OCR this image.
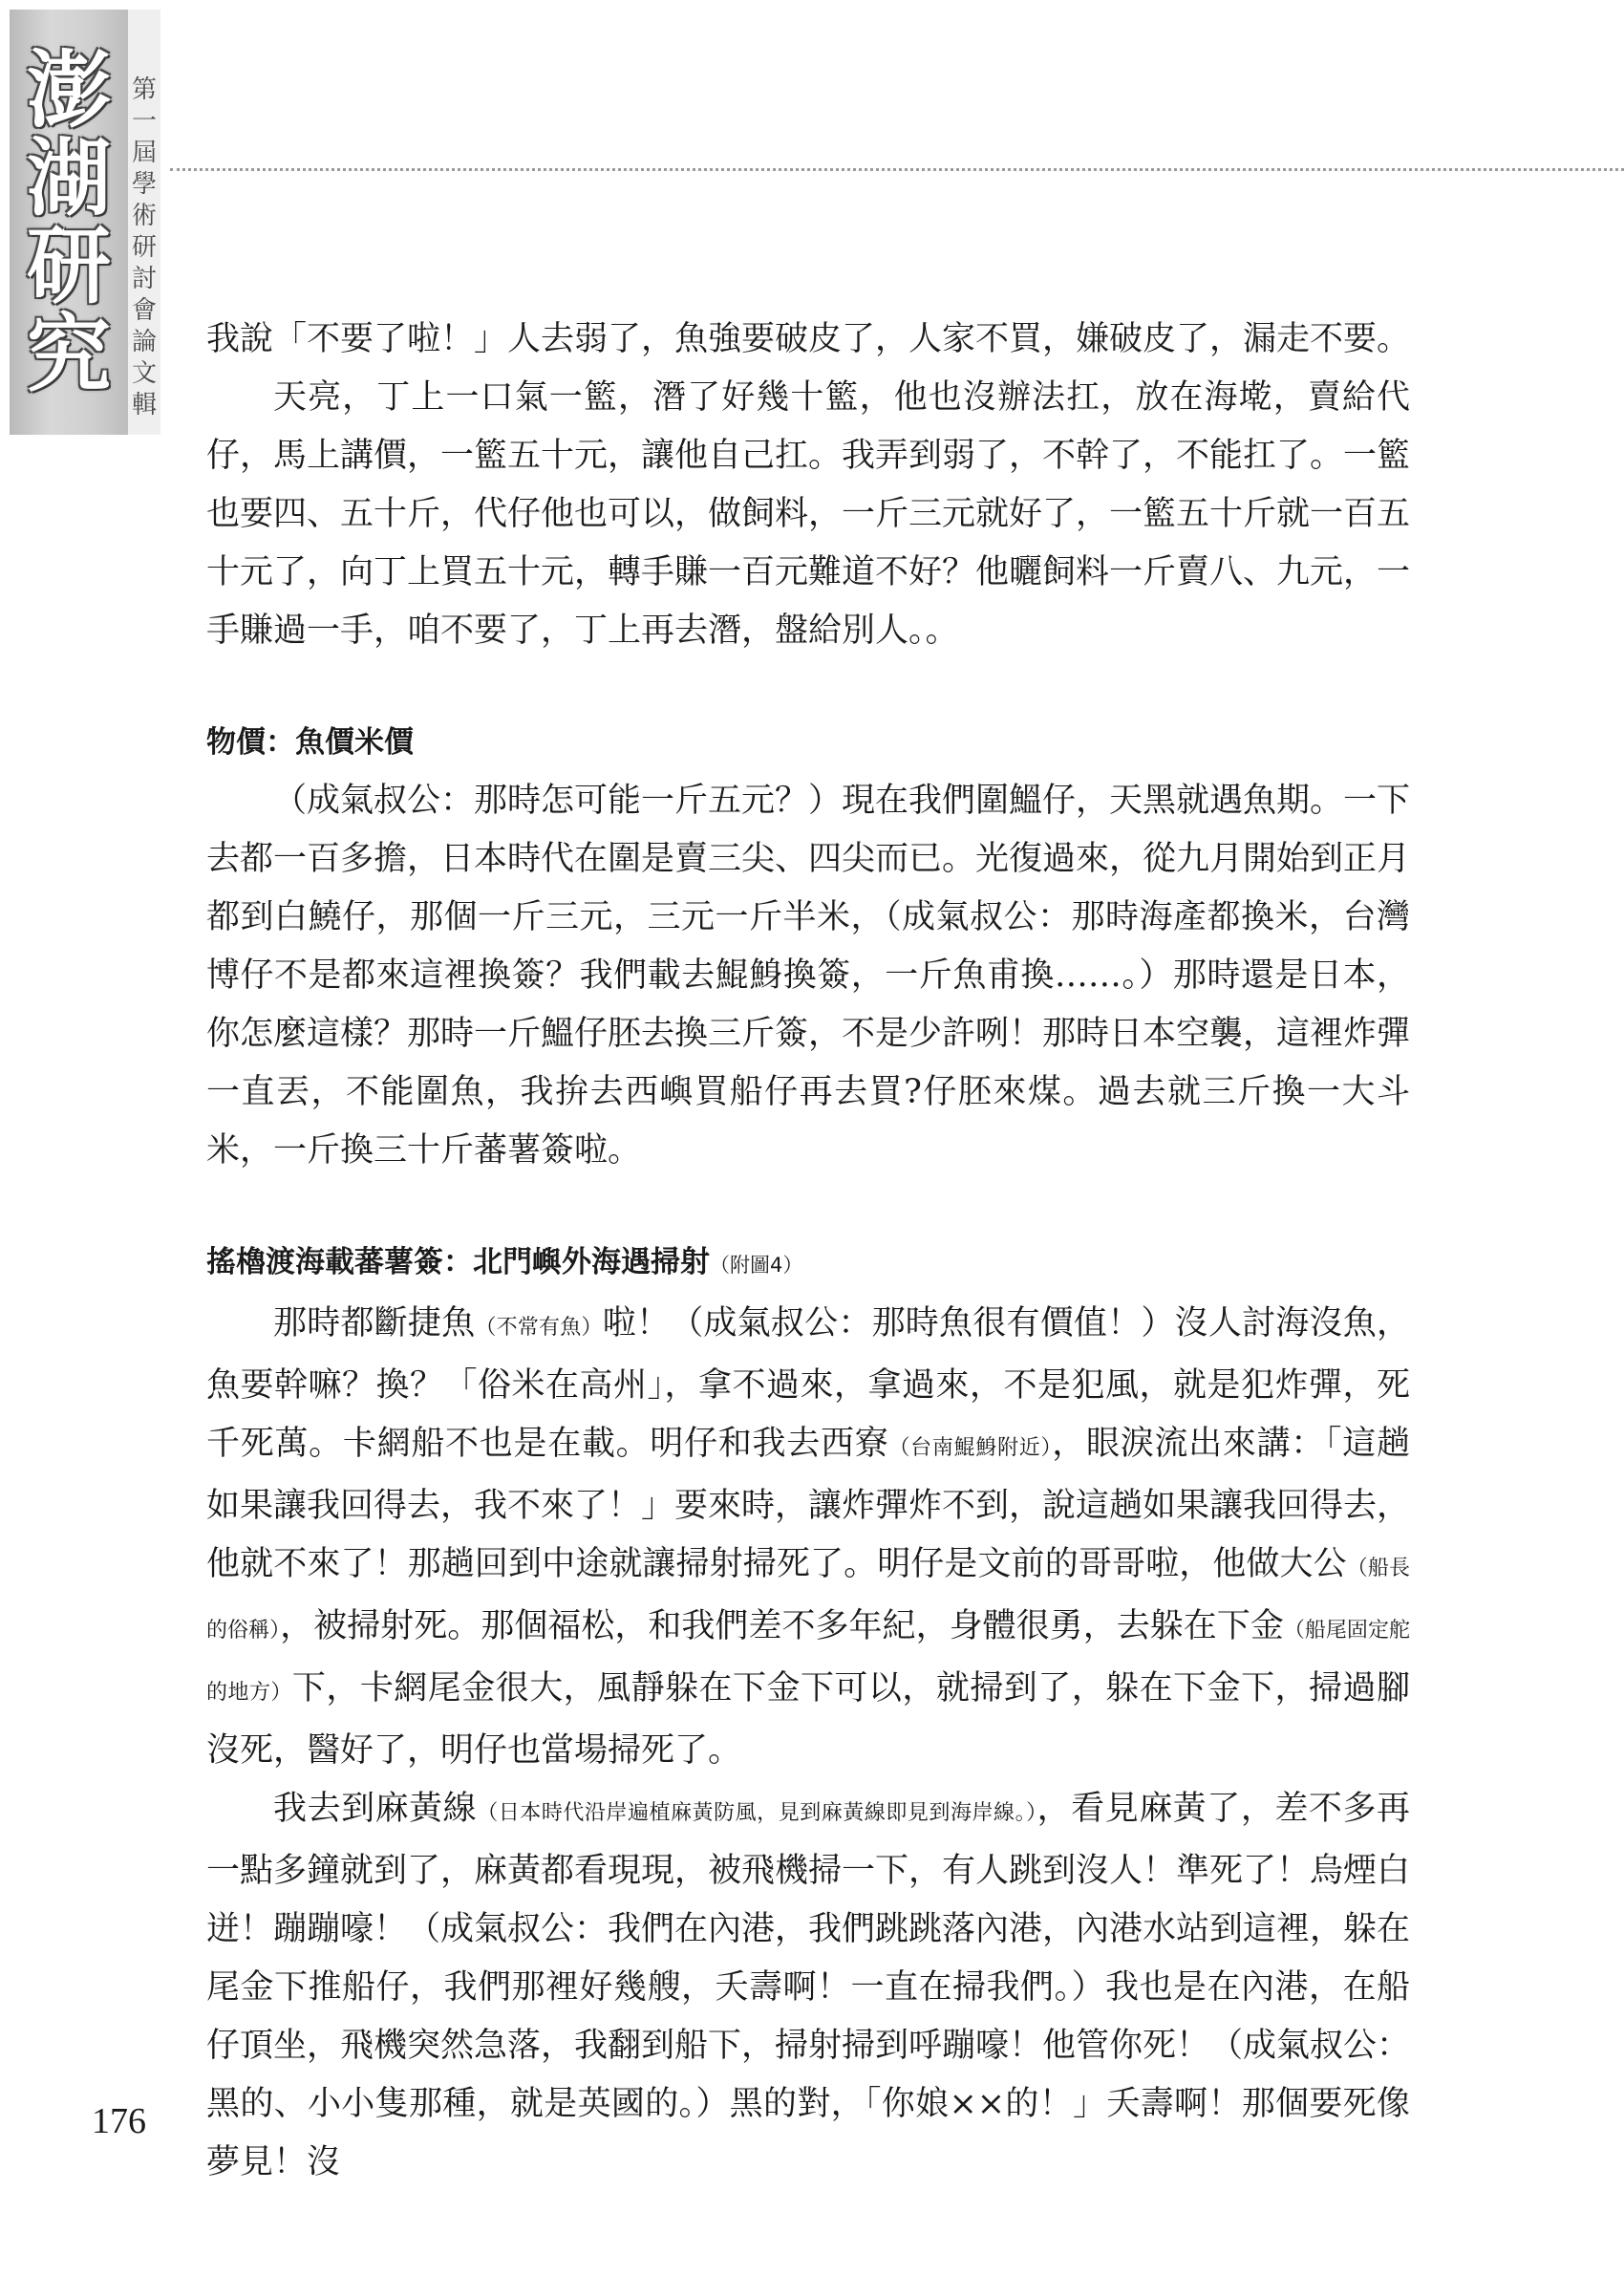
澎湖研究
第一屆學術研討會論文輯

我說「不要了啦！」人去弱了，魚強要破皮了，人家不買，嫌破皮了，漏走不要。

天亮，丁上一口氣一籃，潛了好幾十籃，他也沒辦法扛，放在海墘，賣給代仔，馬上講價，一籃五十元，讓他自己扛。我弄到弱了，不幹了，不能扛了。一籃也要四、五十斤，代仔他也可以，做飼料，一斤三元就好了，一籃五十斤就一百五十元了，向丁上買五十元，轉手賺一百元難道不好？他曬飼料一斤賣八、九元，一手賺過一手，咱不要了，丁上再去潛，盤給別人。。

物價：魚價米價

（成氣叔公：那時怎可能一斤五元？）現在我們圍鰮仔，天黑就遇魚期。一下去都一百多擔，日本時代在圍是賣三尖、四尖而已。光復過來，從九月開始到正月都到白鱙仔，那個一斤三元，三元一斤半米，（成氣叔公：那時海產都換米，台灣博仔不是都來這裡換簽？我們載去鯤鯓換簽，一斤魚甫換……。）那時還是日本，你怎麼這樣？那時一斤鰮仔胚去換三斤簽，不是少許咧！那時日本空襲，這裡炸彈一直丟，不能圍魚，我拚去西嶼買船仔再去買?仔胚來煤。過去就三斤換一大斗米，一斤換三十斤蕃薯簽啦。

搖櫓渡海載蕃薯簽：北門嶼外海遇掃射（附圖4）

那時都斷捷魚（不常有魚）啦！（成氣叔公：那時魚很有價值！）沒人討海沒魚，魚要幹嘛？換？「俗米在高州」，拿不過來，拿過來，不是犯風，就是犯炸彈，死千死萬。卡網船不也是在載。明仔和我去西寮（台南鯤鯓附近），眼淚流出來講：「這趟如果讓我回得去，我不來了！」要來時，讓炸彈炸不到，說這趟如果讓我回得去，他就不來了！那趟回到中途就讓掃射掃死了。明仔是文前的哥哥啦，他做大公（船長的俗稱），被掃射死。那個福松，和我們差不多年紀，身體很勇，去躲在下金（船尾固定舵的地方）下，卡網尾金很大，風靜躲在下金下可以，就掃到了，躲在下金下，掃過腳沒死，醫好了，明仔也當場掃死了。

我去到麻黃線（日本時代沿岸遍植麻黃防風，見到麻黃線即見到海岸線。），看見麻黃了，差不多再一點多鐘就到了，麻黃都看現現，被飛機掃一下，有人跳到沒人！準死了！烏煙白迸！蹦蹦嚎！（成氣叔公：我們在內港，我們跳跳落內港，內港水站到這裡，躲在尾金下推船仔，我們那裡好幾艘，夭壽啊！一直在掃我們。）我也是在內港，在船仔頂坐，飛機突然急落，我翻到船下，掃射掃到呼蹦嚎！他管你死！（成氣叔公：黑的、小小隻那種，就是英國的。）黑的對，「你娘××的！」夭壽啊！那個要死像夢見！沒

176
